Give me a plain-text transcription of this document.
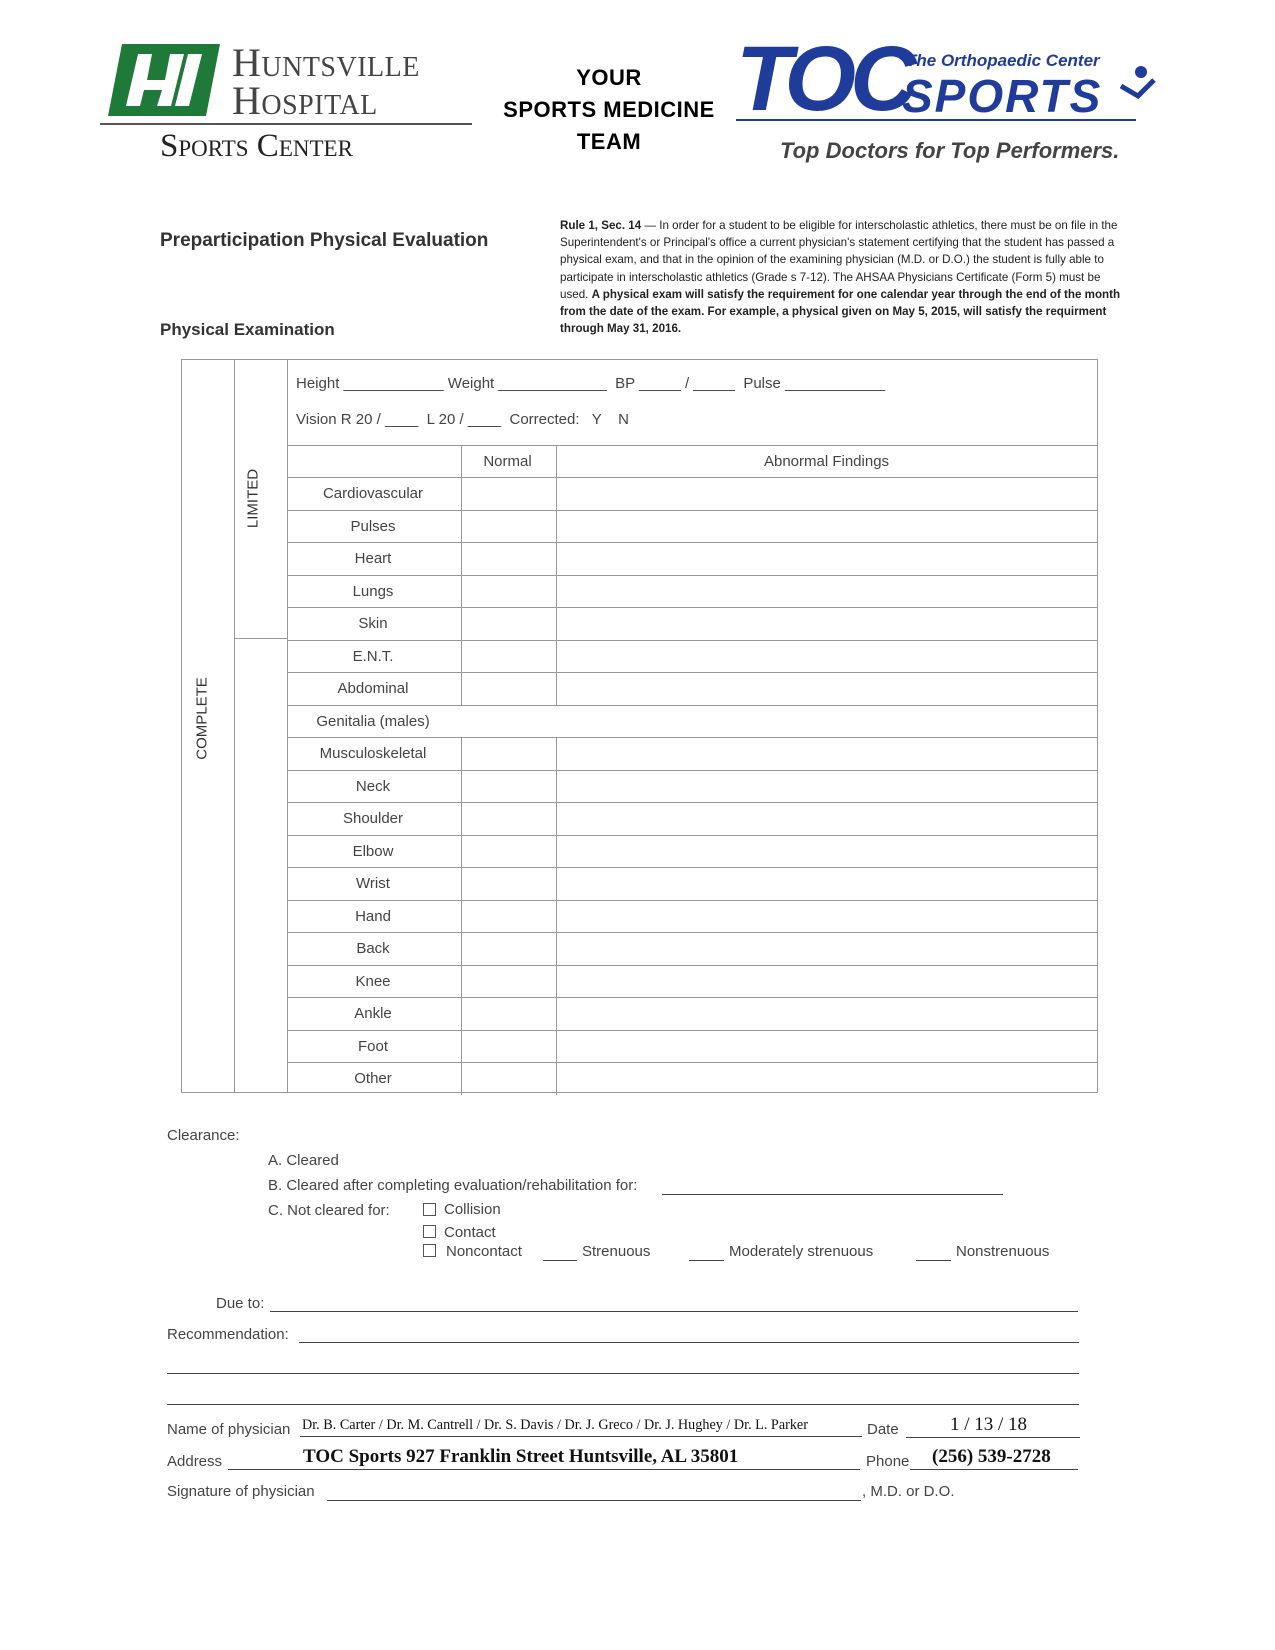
Huntsville
Hospital
Sports Center
YOUR
SPORTS MEDICINE
TEAM
TOC
The Orthopaedic Center
SPORTS
Top Doctors for Top Performers.
Preparticipation Physical Evaluation
Physical Examination
Rule 1, Sec. 14 — In order for a student to be eligible for interscholastic athletics, there must be on file in the Superintendent's or Principal's office a current physician's statement certifying that the student has passed a physical exam, and that in the opinion of the examining physician (M.D. or D.O.) the student is fully able to participate in interscholastic athletics (Grade s 7-12). The AHSAA Physicians Certificate (Form 5) must be used. A physical exam will satisfy the requirement for one calendar year through the end of the month from the date of the exam. For example, a physical given on May 5, 2015, will satisfy the requirment through May 31, 2016.
Height ____________ Weight _____________  BP _____ / _____  Pulse ____________
Vision R 20 / ____  L 20 / ____  Corrected:   Y    N
Normal	Abnormal Findings
LIMITED
COMPLETE
Cardiovascular
Pulses
Heart
Lungs
Skin
E.N.T.
Abdominal
Genitalia (males)
Musculoskeletal
Neck
Shoulder
Elbow
Wrist
Hand
Back
Knee
Ankle
Foot
Other
Clearance:
A. Cleared
B. Cleared after completing evaluation/rehabilitation for:
C. Not cleared for:	Collision
Contact
Noncontact	Strenuous	Moderately strenuous	Nonstrenuous
Due to:
Recommendation:
Name of physician Dr. B. Carter / Dr. M. Cantrell / Dr. S. Davis / Dr. J. Greco / Dr. J. Hughey / Dr. L. Parker	Date	1 / 13 / 18
Address	TOC Sports 927 Franklin Street Huntsville, AL 35801	Phone (256) 539-2728
Signature of physician	, M.D. or D.O.
